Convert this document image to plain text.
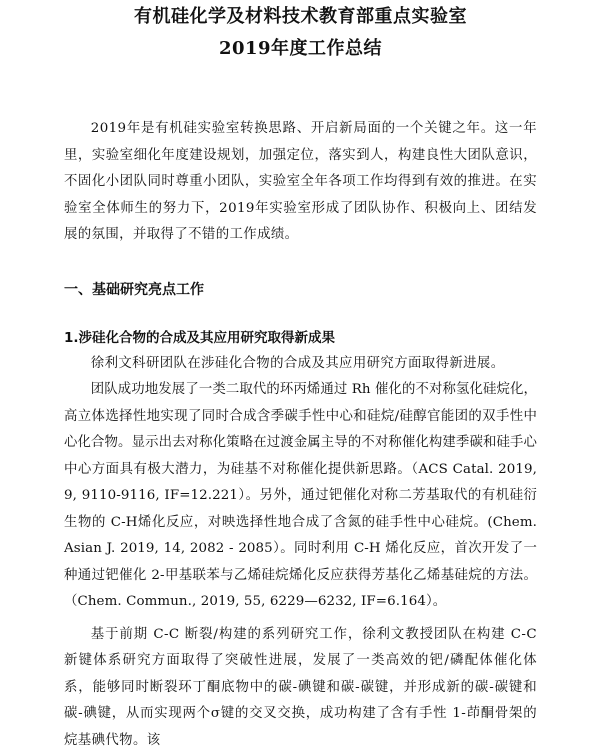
有机硅化学及材料技术教育部重点实验室
2019年度工作总结

2019年是有机硅实验室转换思路、开启新局面的一个关键之年。这一年里，实验室细化年度建设规划，加强定位，落实到人，构建良性大团队意识，不固化小团队同时尊重小团队，实验室全年各项工作均得到有效的推进。在实验室全体师生的努力下，2019年实验室形成了团队协作、积极向上、团结发展的氛围，并取得了不错的工作成绩。

一、基础研究亮点工作
1.涉硅化合物的合成及其应用研究取得新成果

徐利文科研团队在涉硅化合物的合成及其应用研究方面取得新进展。

团队成功地发展了一类二取代的环丙烯通过 Rh 催化的不对称氢化硅烷化，高立体选择性地实现了同时合成含季碳手性中心和硅烷/硅醇官能团的双手性中心化合物。显示出去对称化策略在过渡金属主导的不对称催化构建季碳和硅手心中心方面具有极大潜力，为硅基不对称催化提供新思路。（ACS Catal. 2019, 9, 9110-9116, IF=12.221）。另外，通过钯催化对称二芳基取代的有机硅衍生物的 C-H烯化反应，对映选择性地合成了含氮的硅手性中心硅烷。(Chem. Asian J. 2019, 14, 2082 - 2085）。同时利用 C-H 烯化反应，首次开发了一种通过钯催化 2-甲基联苯与乙烯硅烷烯化反应获得芳基化乙烯基硅烷的方法。（Chem. Commun., 2019, 55, 6229—6232, IF=6.164）。

基于前期 C-C 断裂/构建的系列研究工作，徐利文教授团队在构建 C-C 新键体系研究方面取得了突破性进展，发展了一类高效的钯/磷配体催化体系，能够同时断裂环丁酮底物中的碳-碘键和碳-碳键，并形成新的碳-碳键和碳-碘键，从而实现两个σ键的交叉交换，成功构建了含有手性 1-茚酮骨架的烷基碘代物。该
